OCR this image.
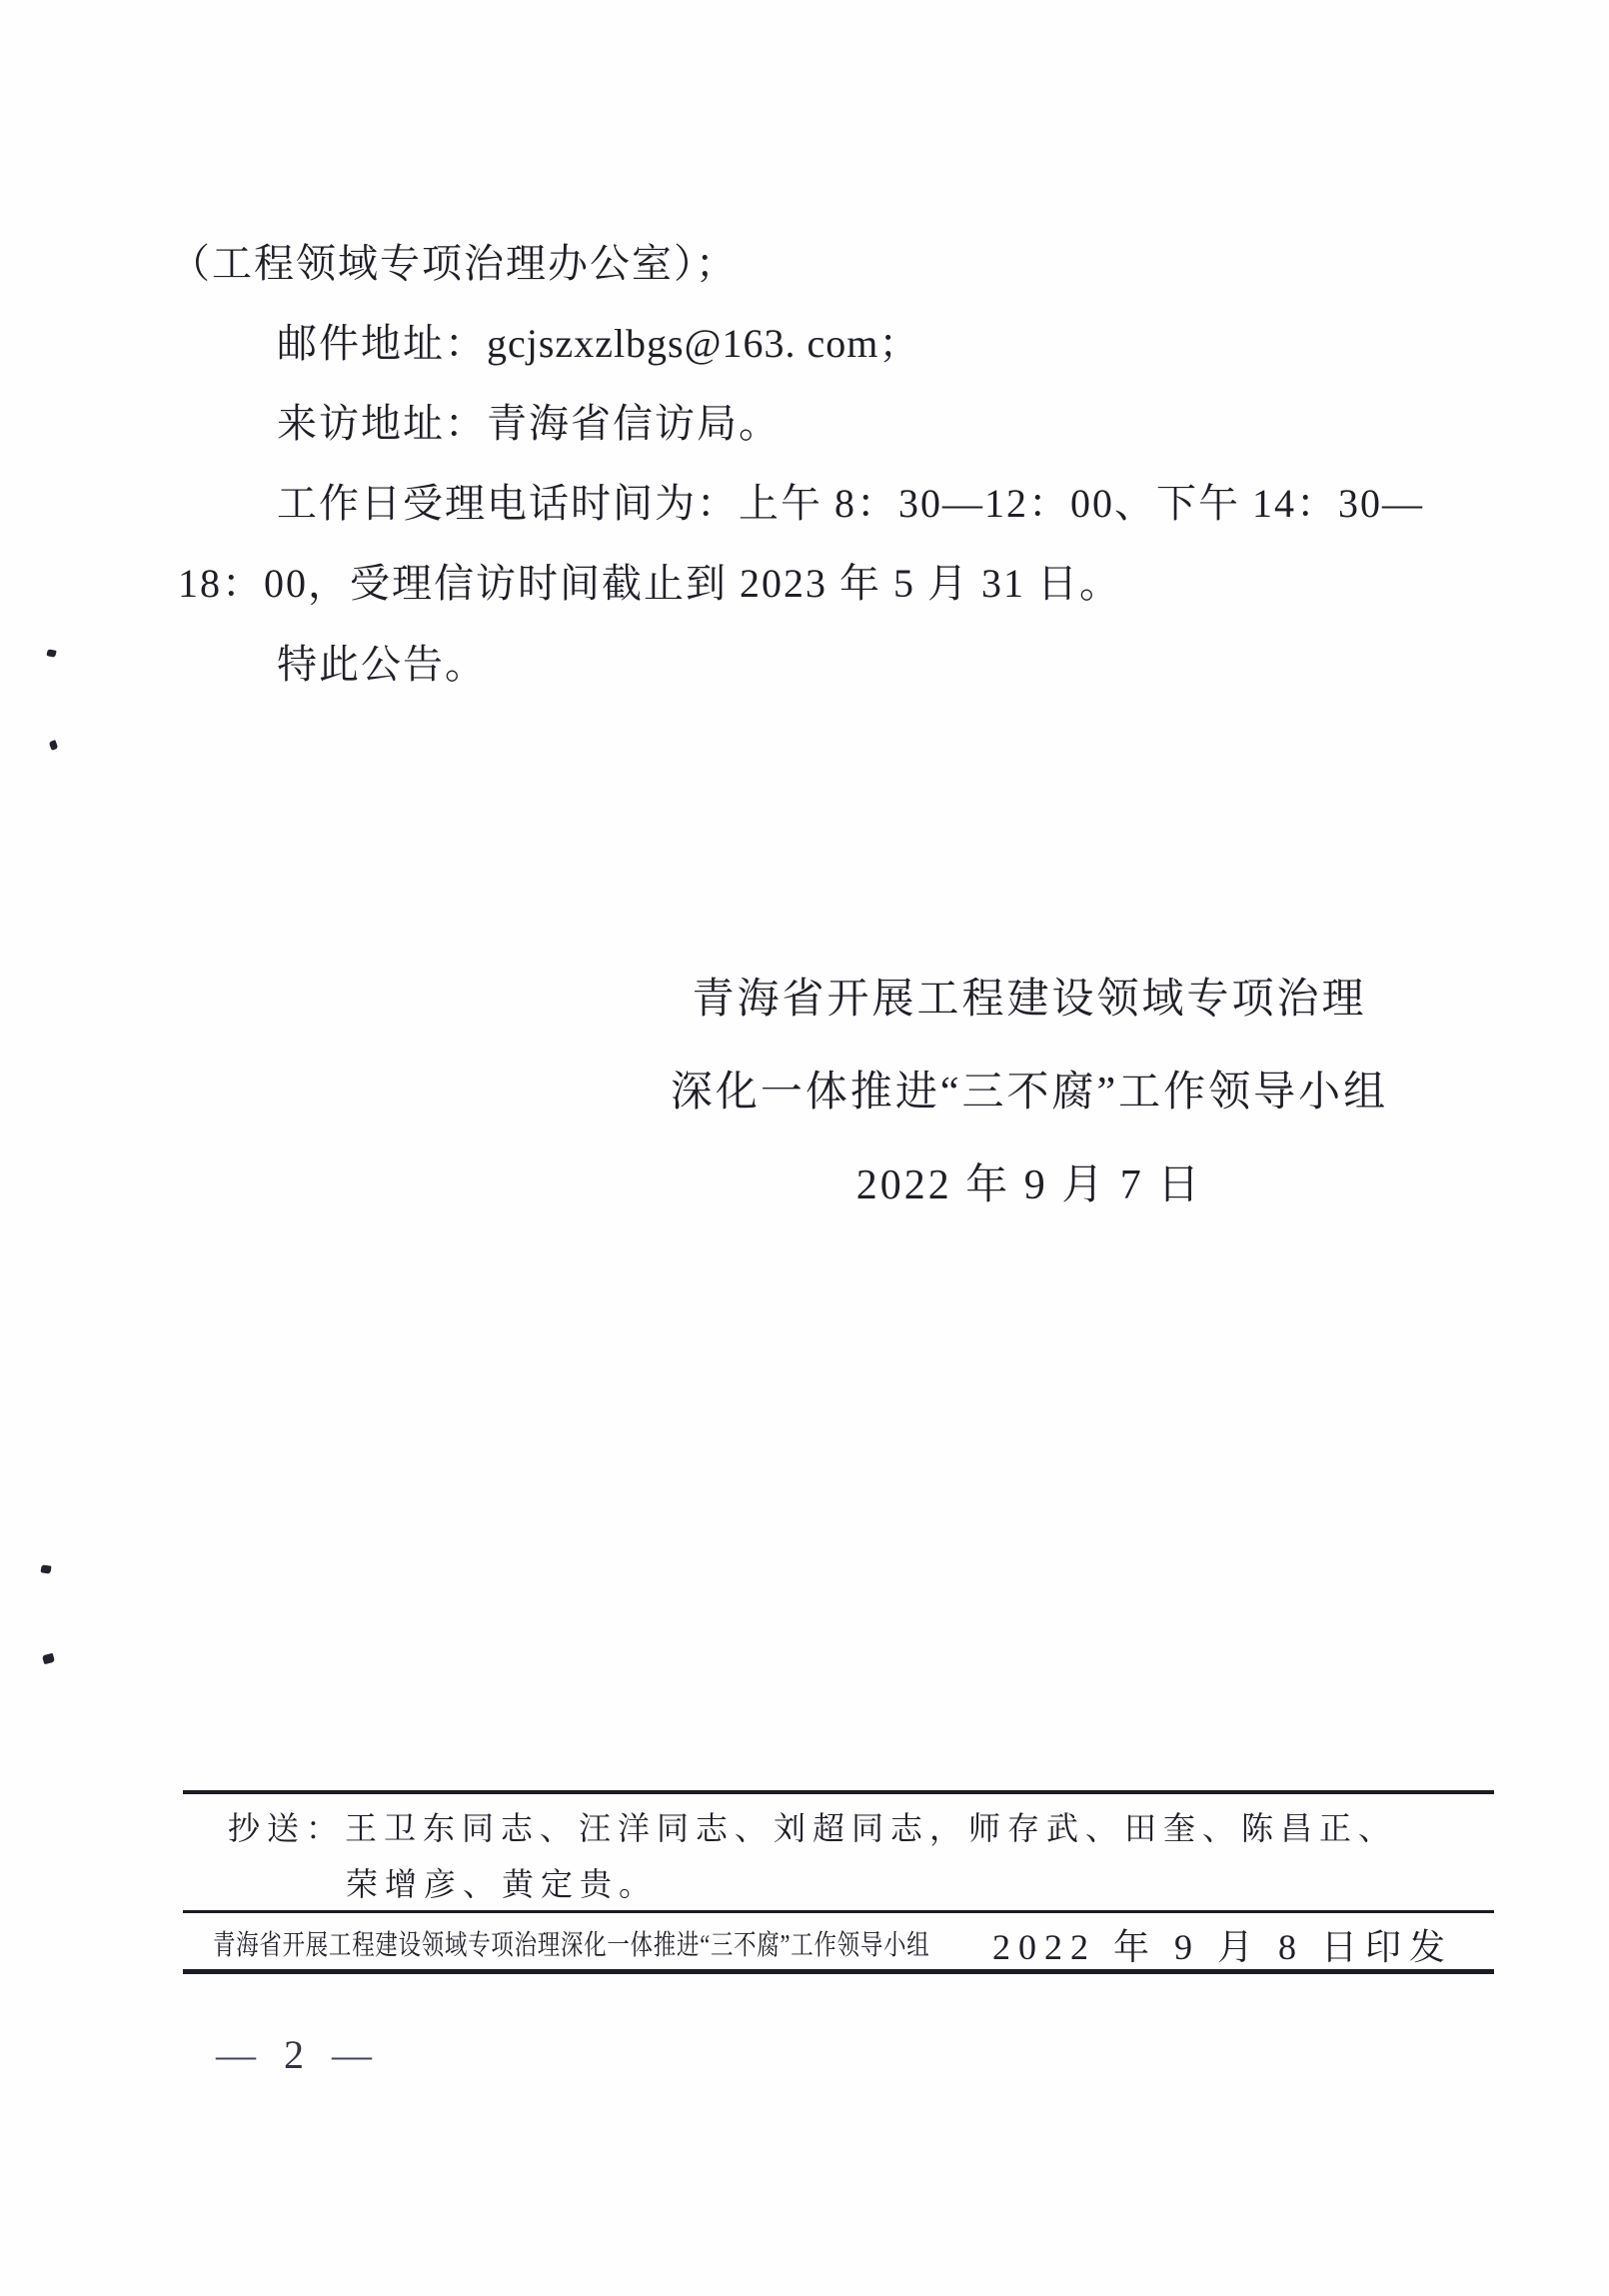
（工程领域专项治理办公室）；
邮件地址：gcjszxzlbgs@163. com；
来访地址：青海省信访局。
工作日受理电话时间为：上午 8：30—12：00、下午 14：30—
18：00，受理信访时间截止到 2023 年 5 月 31 日。
特此公告。
青海省开展工程建设领域专项治理
深化一体推进“三不腐”工作领导小组
2022 年 9 月 7 日
抄送：王卫东同志、汪洋同志、刘超同志，师存武、田奎、陈昌正、
荣增彦、黄定贵。
青海省开展工程建设领域专项治理深化一体推进“三不腐”工作领导小组 2022 年 9 月 8 日印发
— 2 —
